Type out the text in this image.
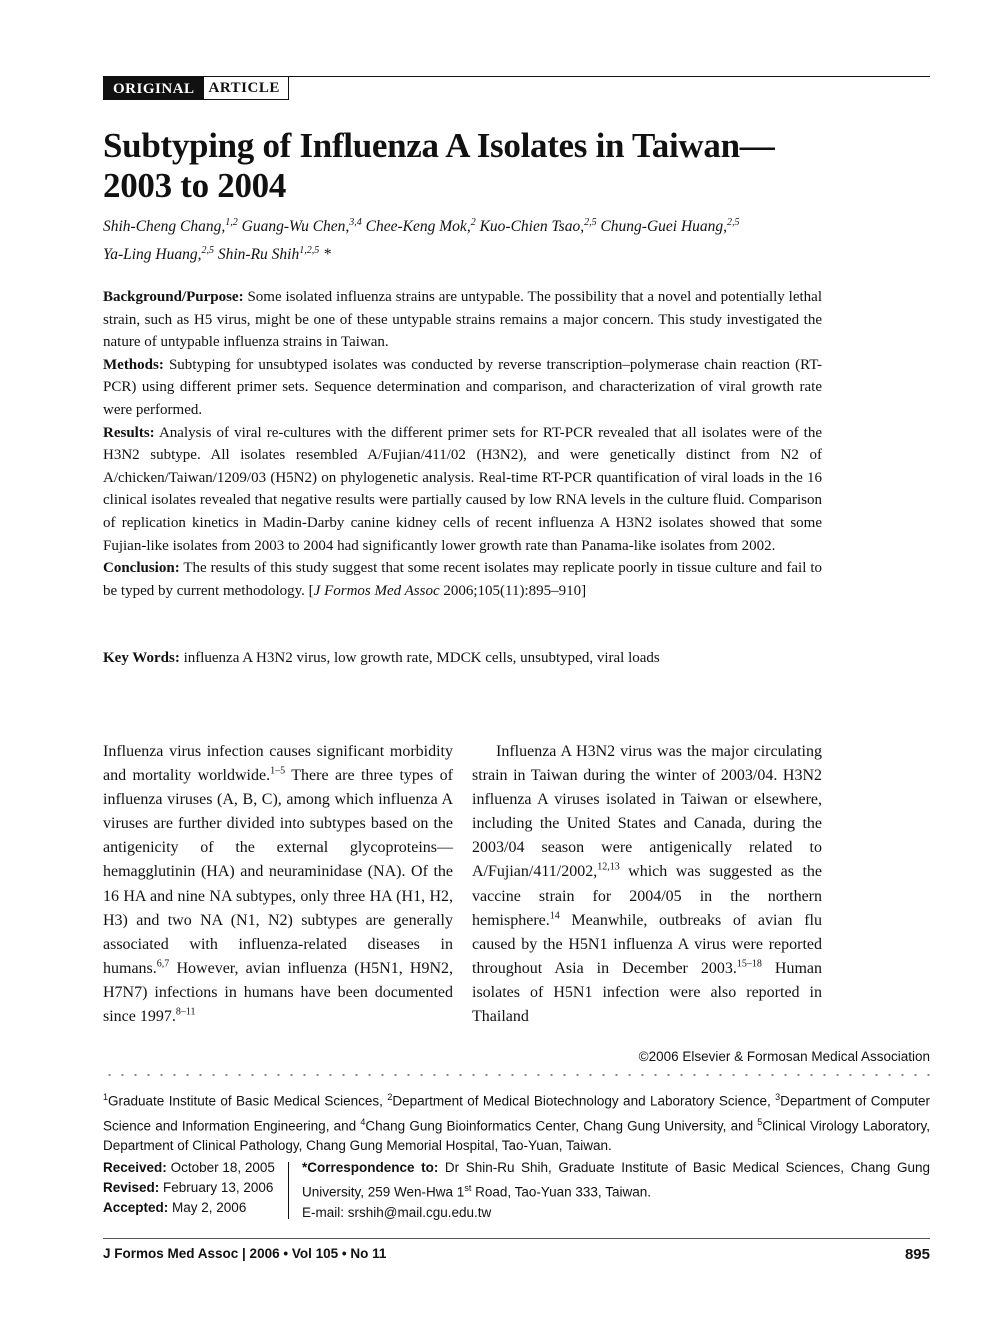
ORIGINAL ARTICLE
Subtyping of Influenza A Isolates in Taiwan—2003 to 2004
Shih-Cheng Chang,$^{1,2}$ Guang-Wu Chen,$^{3,4}$ Chee-Keng Mok,$^2$ Kuo-Chien Tsao,$^{2,5}$ Chung-Guei Huang,$^{2,5}$
Ya-Ling Huang,$^{2,5}$ Shin-Ru Shih$^{1,2,5}$ *

Background/Purpose: Some isolated influenza strains are untypable. The possibility that a novel and potentially lethal strain, such as H5 virus, might be one of these untypable strains remains a major concern. This study investigated the nature of untypable influenza strains in Taiwan.

Methods: Subtyping for unsubtyped isolates was conducted by reverse transcription–polymerase chain reaction (RT-PCR) using different primer sets. Sequence determination and comparison, and characterization of viral growth rate were performed.

Results: Analysis of viral re-cultures with the different primer sets for RT-PCR revealed that all isolates were of the H3N2 subtype. All isolates resembled A/Fujian/411/02 (H3N2), and were genetically distinct from N2 of A/chicken/Taiwan/1209/03 (H5N2) on phylogenetic analysis. Real-time RT-PCR quantification of viral loads in the 16 clinical isolates revealed that negative results were partially caused by low RNA levels in the culture fluid. Comparison of replication kinetics in Madin-Darby canine kidney cells of recent influenza A H3N2 isolates showed that some Fujian-like isolates from 2003 to 2004 had significantly lower growth rate than Panama-like isolates from 2002.

Conclusion: The results of this study suggest that some recent isolates may replicate poorly in tissue culture and fail to be typed by current methodology. [J Formos Med Assoc 2006;105(11):895–910]

Key Words: influenza A H3N2 virus, low growth rate, MDCK cells, unsubtyped, viral loads

Influenza virus infection causes significant morbidity and mortality worldwide.$^{1-5}$ There are three types of influenza viruses (A, B, C), among which influenza A viruses are further divided into subtypes based on the antigenicity of the external glycoproteins—hemagglutinin (HA) and neuraminidase (NA). Of the 16 HA and nine NA subtypes, only three HA (H1, H2, H3) and two NA (N1, N2) subtypes are generally associated with influenza-related diseases in humans.$^{6,7}$ However, avian influenza (H5N1, H9N2, H7N7) infections in humans have been documented since 1997.$^{8-11}$

Influenza A H3N2 virus was the major circulating strain in Taiwan during the winter of 2003/04. H3N2 influenza A viruses isolated in Taiwan or elsewhere, including the United States and Canada, during the 2003/04 season were antigenically related to A/Fujian/411/2002,$^{12,13}$ which was suggested as the vaccine strain for 2004/05 in the northern hemisphere.$^{14}$ Meanwhile, outbreaks of avian flu caused by the H5N1 influenza A virus were reported throughout Asia in December 2003.$^{15-18}$ Human isolates of H5N1 infection were also reported in Thailand

©2006 Elsevier & Formosan Medical Association
$^1$Graduate Institute of Basic Medical Sciences, $^2$Department of Medical Biotechnology and Laboratory Science, $^3$Department of Computer Science and Information Engineering, and $^4$Chang Gung Bioinformatics Center, Chang Gung University, and $^5$Clinical Virology Laboratory, Department of Clinical Pathology, Chang Gung Memorial Hospital, Tao-Yuan, Taiwan.
Received: October 18, 2005
Revised: February 13, 2006
Accepted: May 2, 2006
*Correspondence to: Dr Shin-Ru Shih, Graduate Institute of Basic Medical Sciences, Chang Gung University, 259 Wen-Hwa 1st Road, Tao-Yuan 333, Taiwan.
E-mail: srshih@mail.cgu.edu.tw
J Formos Med Assoc | 2006 • Vol 105 • No 11	895
